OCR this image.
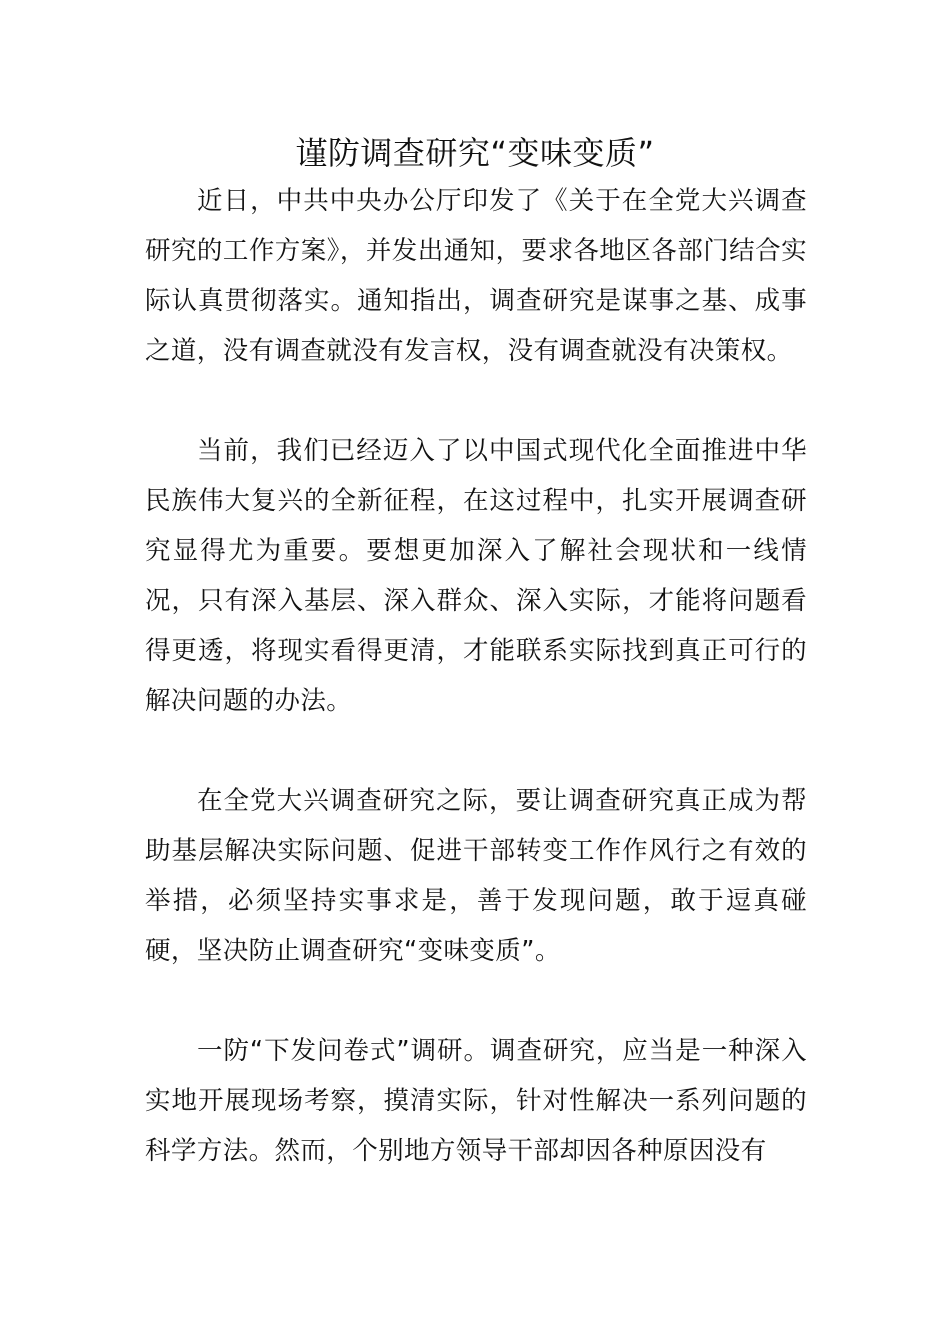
谨防调查研究“变味变质”

近日，中共中央办公厅印发了《关于在全党大兴调查研究的工作方案》，并发出通知，要求各地区各部门结合实际认真贯彻落实。通知指出，调查研究是谋事之基、成事之道，没有调查就没有发言权，没有调查就没有决策权。

当前，我们已经迈入了以中国式现代化全面推进中华民族伟大复兴的全新征程，在这过程中，扎实开展调查研究显得尤为重要。要想更加深入了解社会现状和一线情况，只有深入基层、深入群众、深入实际，才能将问题看得更透，将现实看得更清，才能联系实际找到真正可行的解决问题的办法。

在全党大兴调查研究之际，要让调查研究真正成为帮助基层解决实际问题、促进干部转变工作作风行之有效的举措，必须坚持实事求是，善于发现问题，敢于逗真碰硬，坚决防止调查研究“变味变质”。

一防“下发问卷式”调研。调查研究，应当是一种深入实地开展现场考察，摸清实际，针对性解决一系列问题的科学方法。然而，个别地方领导干部却因各种原因没有
